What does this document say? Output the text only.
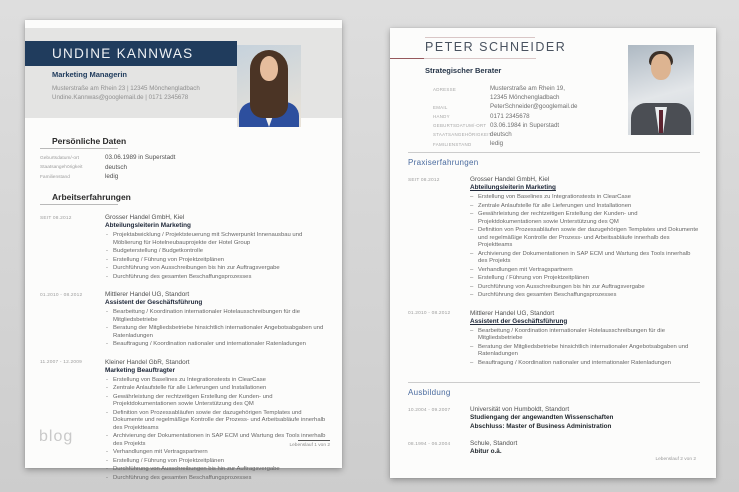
UNDINE KANNWAS
Marketing Managerin
Musterstraße am Rhein 23 | 12345 Mönchengladbach
Undine.Kannwas@googlemail.de | 0171 2345678
Persönliche Daten
Geburtsdatum/-ort	03.06.1989 in Superstadt
Staatsangehörigkeit	deutsch
Familienstand	ledig
Arbeitserfahrungen
SEIT 08.2012	Grosser Handel GmbH, Kiel
Abteilungsleiterin Marketing
- Projektabwicklung / Projektsteuerung mit Schwerpunkt Innenausbau und Möblierung für Hotelneubauprojekte der Hotel Group
- Budgeterstellung / Budgetkontrolle
- Erstellung / Führung von Projektzeitplänen
- Durchführung von Ausschreibungen bis hin zur Auftragsvergabe
- Durchführung des gesamten Beschaffungsprozesses
01.2010 - 08.2012	Mittlerer Handel UG, Standort
Assistent der Geschäftsführung
- Bearbeitung / Koordination internationaler Hotelausschreibungen für die Mitgliedsbetriebe
- Beratung der Mitgliedsbetriebe hinsichtlich internationaler Angebotsabgaben und Ratenladungen
- Beauftragung / Koordination nationaler und internationaler Ratenladungen
11.2007 - 12.2009	Kleiner Handel GbR, Standort
Marketing Beauftragter
- Erstellung von Baselines zu Integrationstests in ClearCase
- Zentrale Anlaufstelle für alle Lieferungen und Installationen
- Gewährleistung der rechtzeitigen Erstellung der Kunden- und Projektdokumentationen sowie Unterstützung des QM
- Definition von Prozessabläufen sowie der dazugehörigen Templates und Dokumente und regelmäßige Kontrolle der Prozess- und Arbeitsabläufe innerhalb des Projektteams
- Archivierung der Dokumentationen in SAP ECM und Wartung des Tools innerhalb des Projekts
- Verhandlungen mit Vertragspartnern
- Erstellung / Führung von Projektzeitplänen
- Durchführung von Ausschreibungen bis hin zur Auftragsvergabe
- Durchführung des gesamten Beschaffungsprozesses
blog
Lebenslauf 1 von 2
PETER SCHNEIDER
Strategischer Berater
ADRESSE	Musterstraße am Rhein 19,
12345 Mönchengladbach
EMAIL	PeterSchneider@googlemail.de
HANDY	0171 2345678
GEBURTSDATUM/-ORT 03.06.1984 in Superstadt
STAATSANGEHÖRIGKEIT
deutsch
FAMILIENSTAND	ledig
Praxiserfahrungen
SEIT 08.2012	Grosser Handel GmbH, Kiel
Abteilungsleiterin Marketing
– Erstellung von Baselines zu Integrationstests in ClearCase
– Zentrale Anlaufstelle für alle Lieferungen und Installationen
– Gewährleistung der rechtzeitigen Erstellung der Kunden- und Projektdokumentationen sowie Unterstützung des QM
– Definition von Prozessabläufen sowie der dazugehörigen Templates und Dokumente und regelmäßige Kontrolle der Prozess- und Arbeitsabläufe innerhalb des Projektteams
– Archivierung der Dokumentationen in SAP ECM und Wartung des Tools innerhalb des Projekts
– Verhandlungen mit Vertragspartnern
– Erstellung / Führung von Projektzeitplänen
– Durchführung von Ausschreibungen bis hin zur Auftragsvergabe
– Durchführung des gesamten Beschaffungsprozesses
01.2010 - 08.2012	Mittlerer Handel UG, Standort
Assistent der Geschäftsführung
– Bearbeitung / Koordination internationaler Hotelausschreibungen für die Mitgliedsbetriebe
– Beratung der Mitgliedsbetriebe hinsichtlich internationaler Angebotsabgaben und Ratenladungen
– Beauftragung / Koordination nationaler und internationaler Ratenladungen
Ausbildung
10.2004 - 09.2007	Universität von Humboldt, Standort
Studiengang der angewandten Wissenschaften
Abschluss: Master of Business Administration
08.1994 - 06.2004	Schule, Standort
Abitur o.ä.
Lebenslauf 2 von 2
